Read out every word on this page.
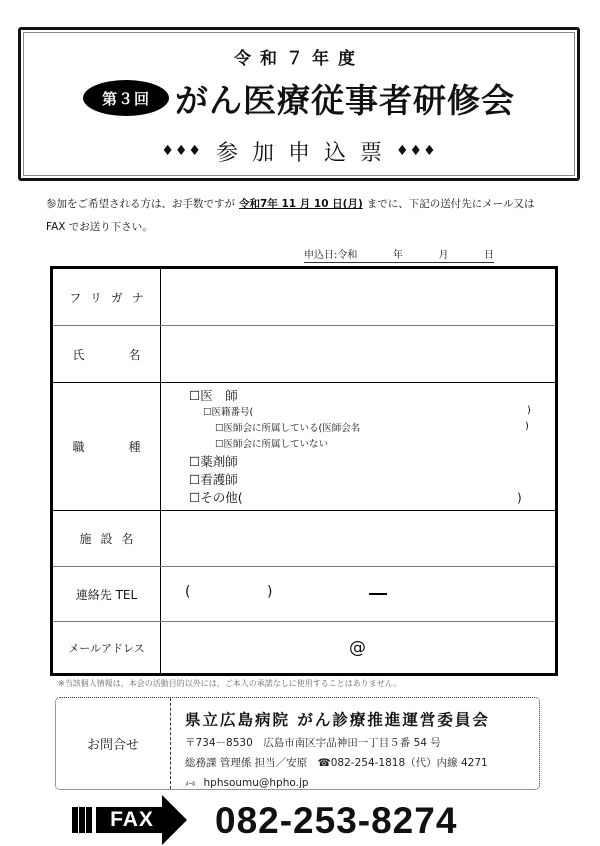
令和７年度
第３回 がん医療従事者研修会
♦♦♦ 参加申込票 ♦♦♦
参加をご希望される方は、お手数ですが 令和7年 11 月 10 日(月) までに、下記の送付先にメール又は FAX でお送り下さい。
申込日:令和	年	月	日
フリガナ
氏	名
職	種
☐医　師
☐医籍番号(
☐医師会に所属している(医師会名
☐医師会に所属していない
☐薬剤師
☐看護師
☐その他(
)
)
)
施設名
連絡先 TEL	(	)
メールアドレス	@
※当該個人情報は、本会の活動目的以外には、ご本人の承諾なしに使用することはありません。
お問合せ
県立広島病院 がん診療推進運営委員会
〒734－8530　広島市南区宇品神田一丁目５番 54 号
総務課 管理係 担当／安原　☎082-254-1818（代）内線 4271
ﾒｰﾙ hphsoumu@hpho.jp
FAX	082-253-8274
